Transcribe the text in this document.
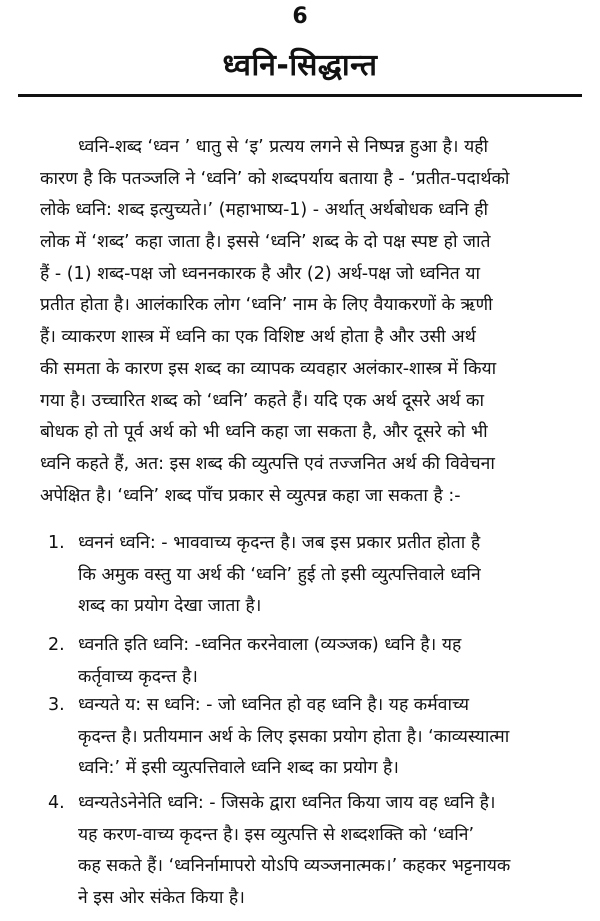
6
ध्वनि-सिद्धान्त
ध्वनि-शब्द ‘ध्वन ’ धातु से ‘इ’ प्रत्यय लगने से निष्पन्न हुआ है। यही
कारण है कि पतञ्जलि ने ‘ध्वनि’ को शब्दपर्याय बताया है - ‘प्रतीत-पदार्थको
लोके ध्वनि: शब्द इत्युच्यते।’ (महाभाष्य-1) - अर्थात् अर्थबोधक ध्वनि ही
लोक में ‘शब्द’ कहा जाता है। इससे ‘ध्वनि’ शब्द के दो पक्ष स्पष्ट हो जाते
हैं - (1) शब्द-पक्ष जो ध्वननकारक है और (2) अर्थ-पक्ष जो ध्वनित या
प्रतीत होता है। आलंकारिक लोग ‘ध्वनि’ नाम के लिए वैयाकरणों के ऋणी
हैं। व्याकरण शास्त्र में ध्वनि का एक विशिष्ट अर्थ होता है और उसी अर्थ
की समता के कारण इस शब्द का व्यापक व्यवहार अलंकार-शास्त्र में किया
गया है। उच्चारित शब्द को ‘ध्वनि’ कहते हैं। यदि एक अर्थ दूसरे अर्थ का
बोधक हो तो पूर्व अर्थ को भी ध्वनि कहा जा सकता है, और दूसरे को भी
ध्वनि कहते हैं, अत: इस शब्द की व्युत्पत्ति एवं तज्जनित अर्थ की विवेचना
अपेक्षित है। ‘ध्वनि’ शब्द पाँच प्रकार से व्युत्पन्न कहा जा सकता है :-
1. ध्वननं ध्वनि: - भाववाच्य कृदन्त है। जब इस प्रकार प्रतीत होता है
कि अमुक वस्तु या अर्थ की ‘ध्वनि’ हुई तो इसी व्युत्पत्तिवाले ध्वनि
शब्द का प्रयोग देखा जाता है।
2. ध्वनति इति ध्वनि: -ध्वनित करनेवाला (व्यञ्जक) ध्वनि है। यह
कर्तृवाच्य कृदन्त है।
3. ध्वन्यते य: स ध्वनि: - जो ध्वनित हो वह ध्वनि है। यह कर्मवाच्य
कृदन्त है। प्रतीयमान अर्थ के लिए इसका प्रयोग होता है। ‘काव्यस्यात्मा
ध्वनि:’ में इसी व्युत्पत्तिवाले ध्वनि शब्द का प्रयोग है।
4. ध्वन्यतेऽनेनेति ध्वनि: - जिसके द्वारा ध्वनित किया जाय वह ध्वनि है।
यह करण-वाच्य कृदन्त है। इस व्युत्पत्ति से शब्दशक्ति को ‘ध्वनि’
कह सकते हैं। ‘ध्वनिर्नामापरो योऽपि व्यञ्जनात्मक।’ कहकर भट्टनायक
ने इस ओर संकेत किया है।
